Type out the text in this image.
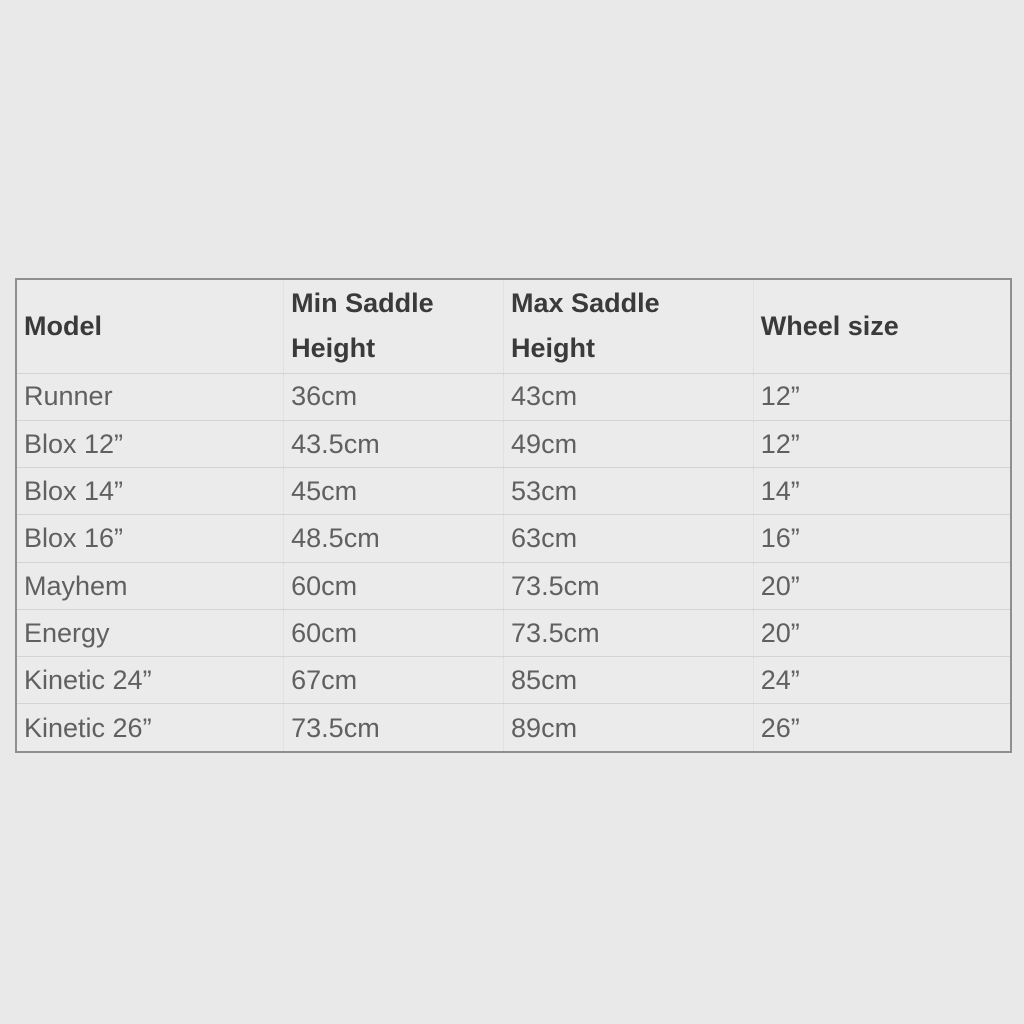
Model	Min Saddle Height	Max Saddle Height	Wheel size
Runner	36cm	43cm	12”
Blox 12”	43.5cm	49cm	12”
Blox 14”	45cm	53cm	14”
Blox 16”	48.5cm	63cm	16”
Mayhem	60cm	73.5cm	20”
Energy	60cm	73.5cm	20”
Kinetic 24”	67cm	85cm	24”
Kinetic 26”	73.5cm	89cm	26”
